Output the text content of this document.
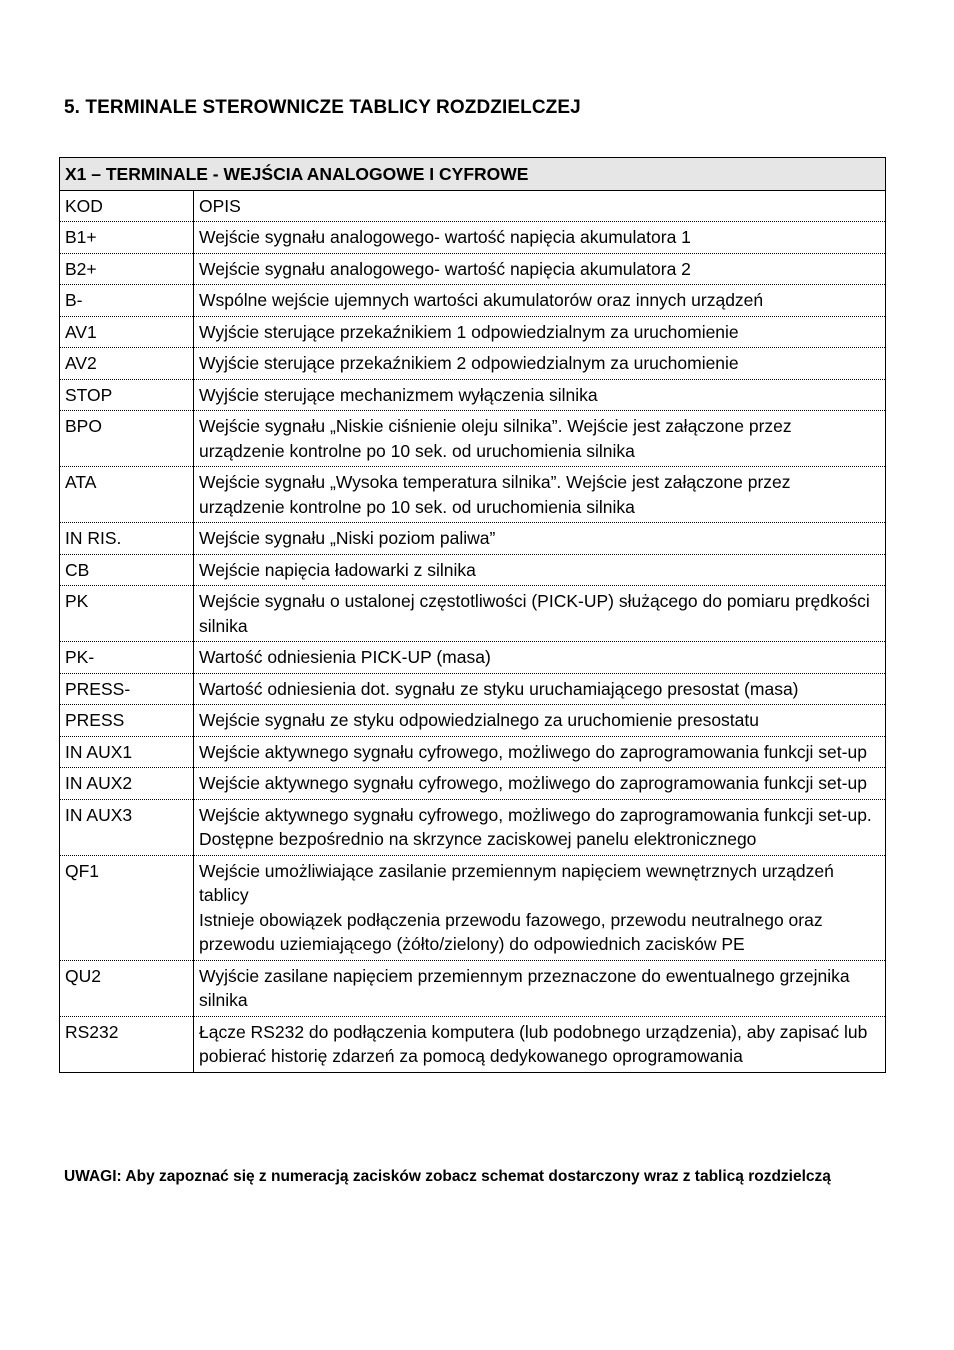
5. TERMINALE STEROWNICZE TABLICY ROZDZIELCZEJ
X1 – TERMINALE - WEJŚCIA ANALOGOWE I CYFROWE	
KOD	OPIS
B1+	Wejście sygnału analogowego- wartość napięcia akumulatora 1

B2+	Wejście sygnału analogowego- wartość napięcia akumulatora 2

B-	Wspólne wejście ujemnych wartości akumulatorów oraz innych urządzeń

AV1	Wyjście sterujące przekaźnikiem 1 odpowiedzialnym za uruchomienie

AV2	Wyjście sterujące przekaźnikiem 2 odpowiedzialnym za uruchomienie

STOP	Wyjście sterujące mechanizmem wyłączenia silnika

BPO	Wejście sygnału „Niskie ciśnienie oleju silnika”. Wejście jest załączone przez urządzenie kontrolne po 10 sek. od uruchomienia silnika

ATA	Wejście sygnału „Wysoka temperatura silnika”. Wejście jest załączone przez urządzenie kontrolne po 10 sek. od uruchomienia silnika

IN RIS.	Wejście sygnału „Niski poziom paliwa”

CB	Wejście napięcia ładowarki z silnika

PK	Wejście sygnału o ustalonej częstotliwości (PICK-UP) służącego do pomiaru prędkości silnika

PK-	Wartość odniesienia PICK-UP (masa)

PRESS-	Wartość odniesienia dot. sygnału ze styku uruchamiającego presostat (masa)

PRESS	Wejście sygnału ze styku odpowiedzialnego za uruchomienie presostatu

IN AUX1	Wejście aktywnego sygnału cyfrowego, możliwego do zaprogramowania funkcji set-up

IN AUX2	Wejście aktywnego sygnału cyfrowego, możliwego do zaprogramowania funkcji set-up

IN AUX3	Wejście aktywnego sygnału cyfrowego, możliwego do zaprogramowania funkcji set-up. Dostępne bezpośrednio na skrzynce zaciskowej panelu elektronicznego

QF1	Wejście umożliwiające zasilanie przemiennym napięciem wewnętrznych urządzeń tablicy
Istnieje obowiązek podłączenia przewodu fazowego, przewodu neutralnego oraz przewodu uziemiającego (żółto/zielony) do odpowiednich zacisków PE

QU2	Wyjście zasilane napięciem przemiennym przeznaczone do ewentualnego grzejnika silnika

RS232	Łącze RS232 do podłączenia komputera (lub podobnego urządzenia), aby zapisać lub pobierać historię zdarzeń za pomocą dedykowanego oprogramowania
UWAGI: Aby zapoznać się z numeracją zacisków zobacz schemat dostarczony wraz z tablicą rozdzielczą
